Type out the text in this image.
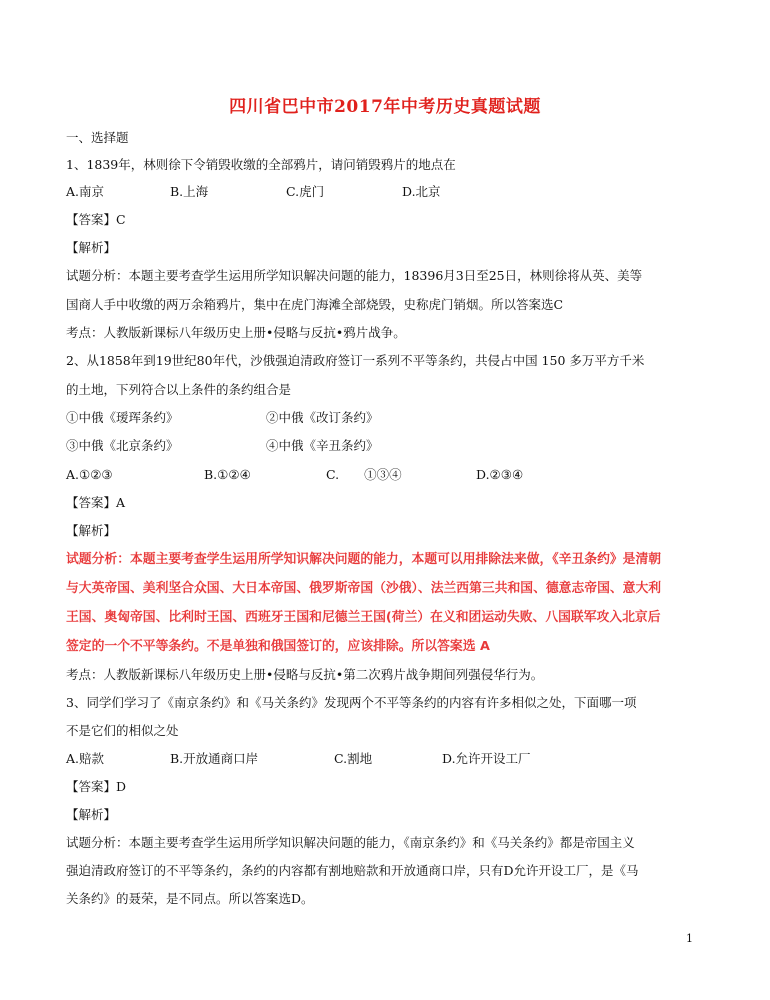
四川省巴中市2017年中考历史真题试题
一、选择题
1、1839年，林则徐下令销毁收缴的全部鸦片，请问销毁鸦片的地点在
A.南京	B.上海	C.虎门	D.北京
【答案】C
【解析】
试题分析：本题主要考查学生运用所学知识解决问题的能力，18396月3日至25日，林则徐将从英、美等
国商人手中收缴的两万余箱鸦片，集中在虎门海滩全部烧毁，史称虎门销烟。所以答案选C
考点：人教版新课标八年级历史上册•侵略与反抗•鸦片战争。
2、从1858年到19世纪80年代，沙俄强迫清政府签订一系列不平等条约，共侵占中国 150 多万平方千米
的土地，下列符合以上条件的条约组合是
①中俄《瑷珲条约》	②中俄《改订条约》
③中俄《北京条约》	④中俄《辛丑条约》
A.①②③	B.①②④	C.　　①③④	D.②③④
【答案】A
【解析】
试题分析：本题主要考查学生运用所学知识解决问题的能力，本题可以用排除法来做，《辛丑条约》是清朝
与大英帝国、美利坚合众国、大日本帝国、俄罗斯帝国（沙俄）、法兰西第三共和国、德意志帝国、意大利
王国、奥匈帝国、比利时王国、西班牙王国和尼德兰王国(荷兰）在义和团运动失败、八国联军攻入北京后
签定的一个不平等条约。不是单独和俄国签订的，应该排除。所以答案选 A
考点：人教版新课标八年级历史上册•侵略与反抗•第二次鸦片战争期间列强侵华行为。
3、同学们学习了《南京条约》和《马关条约》发现两个不平等条约的内容有许多相似之处，下面哪一项
不是它们的相似之处
A.赔款	B.开放通商口岸	C.割地	D.允许开设工厂
【答案】D
【解析】
试题分析：本题主要考查学生运用所学知识解决问题的能力，《南京条约》和《马关条约》都是帝国主义
强迫清政府签订的不平等条约，条约的内容都有割地赔款和开放通商口岸，只有D允许开设工厂，是《马
关条约》的聂荣，是不同点。所以答案选D。
1
